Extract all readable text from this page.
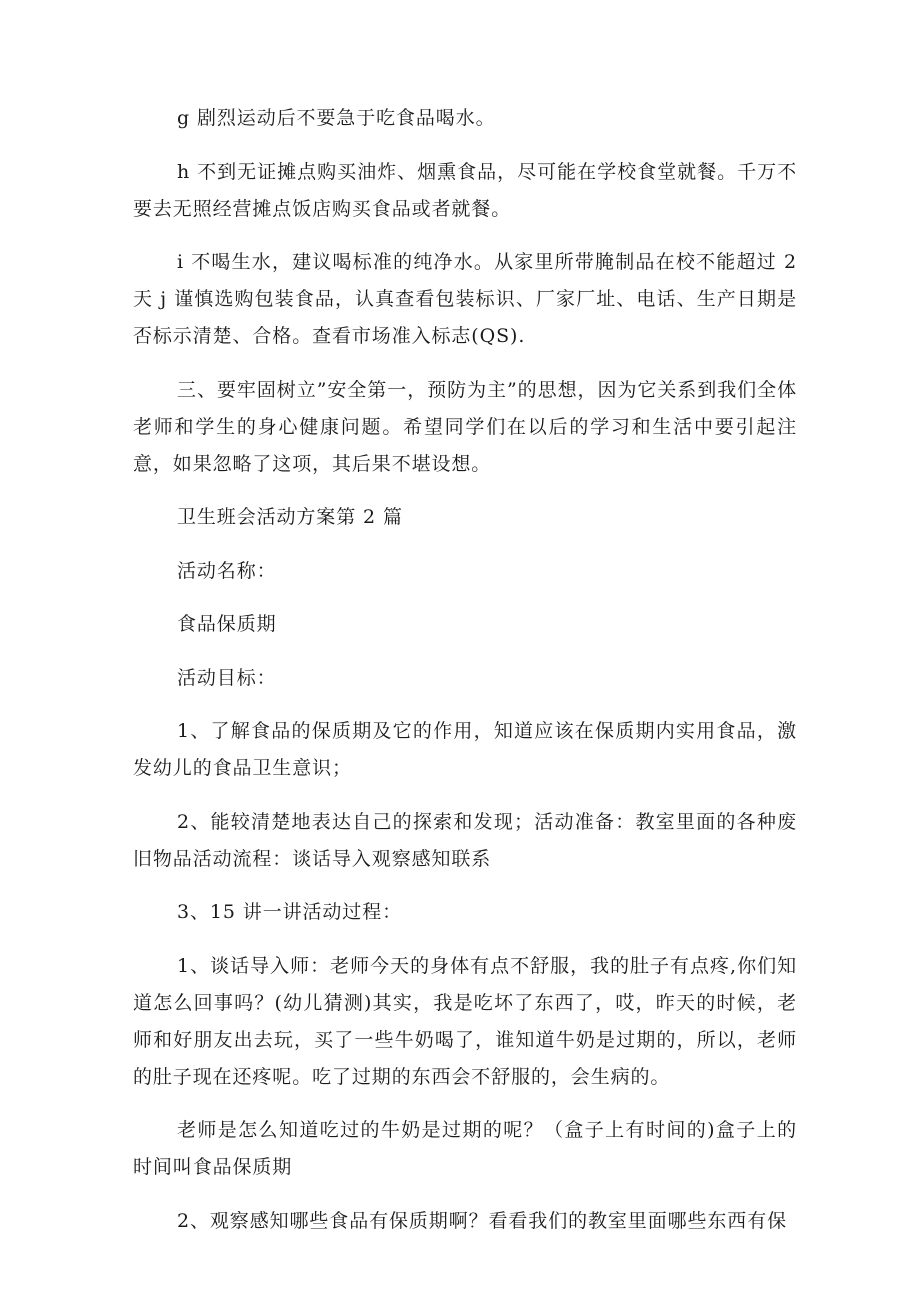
g 剧烈运动后不要急于吃食品喝水。

h 不到无证摊点购买油炸、烟熏食品，尽可能在学校食堂就餐。千万不要去无照经营摊点饭店购买食品或者就餐。

i 不喝生水，建议喝标准的纯净水。从家里所带腌制品在校不能超过 2 天 j 谨慎选购包装食品，认真查看包装标识、厂家厂址、电话、生产日期是否标示清楚、合格。查看市场准入标志(QS).

三、要牢固树立”安全第一，预防为主”的思想，因为它关系到我们全体老师和学生的身心健康问题。希望同学们在以后的学习和生活中要引起注意，如果忽略了这项，其后果不堪设想。

卫生班会活动方案第 2 篇

活动名称：

食品保质期

活动目标：

1、了解食品的保质期及它的作用，知道应该在保质期内实用食品，激发幼儿的食品卫生意识；

2、能较清楚地表达自己的探索和发现；活动准备：教室里面的各种废旧物品活动流程：谈话导入观察感知联系

3、15 讲一讲活动过程：

1、谈话导入师：老师今天的身体有点不舒服，我的肚子有点疼,你们知道怎么回事吗？(幼儿猜测)其实，我是吃坏了东西了，哎，昨天的时候，老师和好朋友出去玩，买了一些牛奶喝了，谁知道牛奶是过期的，所以，老师的肚子现在还疼呢。吃了过期的东西会不舒服的，会生病的。

老师是怎么知道吃过的牛奶是过期的呢？（盒子上有时间的)盒子上的时间叫食品保质期

2、观察感知哪些食品有保质期啊？看看我们的教室里面哪些东西有保
